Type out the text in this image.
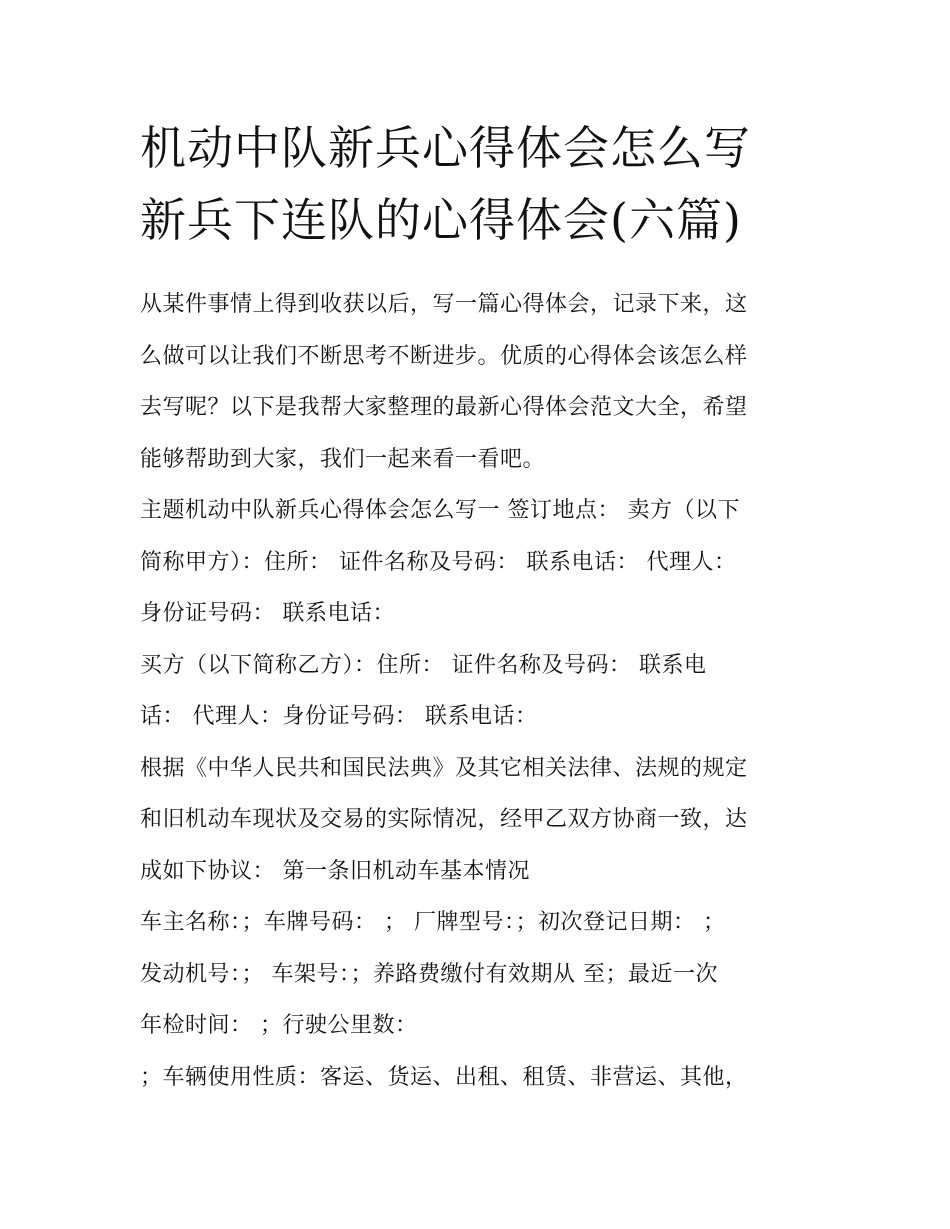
机动中队新兵心得体会怎么写
新兵下连队的心得体会(六篇)

从某件事情上得到收获以后，写一篇心得体会，记录下来，这
么做可以让我们不断思考不断进步。优质的心得体会该怎么样
去写呢？以下是我帮大家整理的最新心得体会范文大全，希望
能够帮助到大家，我们一起来看一看吧。

主题机动中队新兵心得体会怎么写一 签订地点： 卖方（以下
简称甲方）：住所： 证件名称及号码： 联系电话： 代理人：
身份证号码： 联系电话：

买方（以下简称乙方）：住所： 证件名称及号码： 联系电
话： 代理人：身份证号码： 联系电话：

根据《中华人民共和国民法典》及其它相关法律、法规的规定
和旧机动车现状及交易的实际情况，经甲乙双方协商一致，达
成如下协议： 第一条旧机动车基本情况

车主名称：；车牌号码： ； 厂牌型号：；初次登记日期： ；
发动机号：； 车架号：；养路费缴付有效期从 至；最近一次
年检时间： ；行驶公里数：

；车辆使用性质：客运、货运、出租、租赁、非营运、其他，
